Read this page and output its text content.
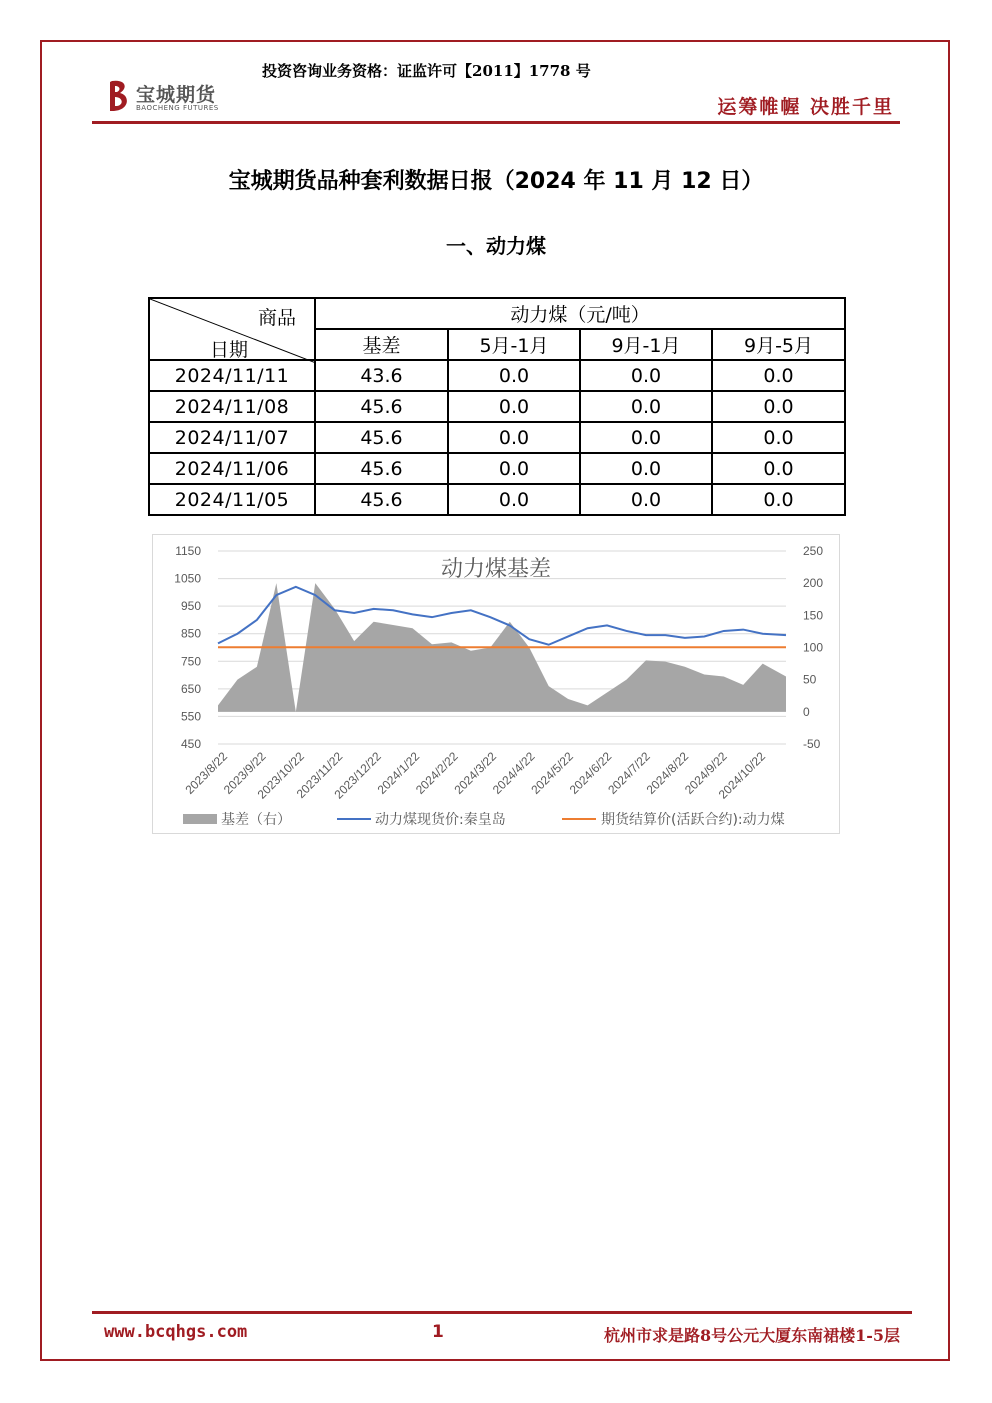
宝城期货
BAOCHENG FUTURES
投资咨询业务资格：证监许可【2011】1778 号
运筹帷幄 决胜千里
宝城期货品种套利数据日报（2024 年 11 月 12 日）
一、动力煤
商品
日期	动力煤（元/吨）			
	基差	5月-1月	9月-1月	9月-5月
2024/11/11	43.6	0.0	0.0	0.0
2024/11/08	45.6	0.0	0.0	0.0
2024/11/07	45.6	0.0	0.0	0.0
2024/11/06	45.6	0.0	0.0	0.0
2024/11/05	45.6	0.0	0.0	0.0
1150
1050
950
850
750
650
550
450
250
200
150
100
50
0
-50
动力煤基差
2023/8/22
2023/9/22
2023/10/22
2023/11/22
2023/12/22
2024/1/22
2024/2/22
2024/3/22
2024/4/22
2024/5/22
2024/6/22
2024/7/22
2024/8/22
2024/9/22
2024/10/22
基差（右）	动力煤现货价:秦皇岛	期货结算价(活跃合约):动力煤
www.bcqhgs.com	1	杭州市求是路8号公元大厦东南裙楼1-5层
